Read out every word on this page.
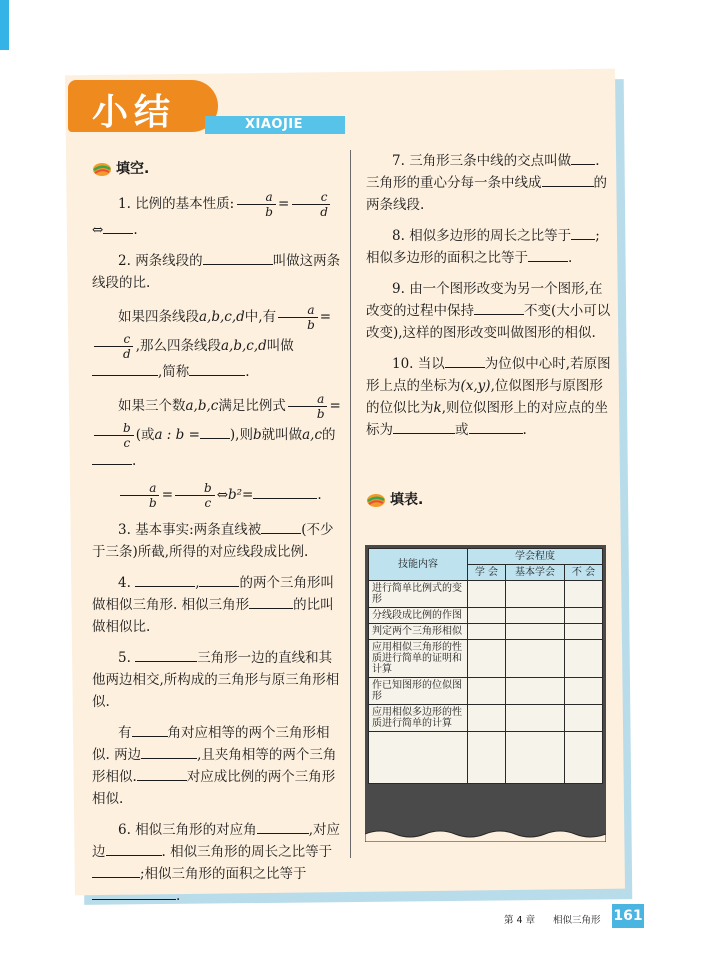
小结	XIAOJIE

填空.

1. 比例的基本性质: $\frac{a}{b} = \frac{c}{d}$
⇔ .

2. 两条线段的	叫做这两条线段的比.

如果四条线段a,b,c,d中,有 $\frac{a}{b}$ =
$\frac{c}{d}$ ,那么四条线段a,b,c,d叫做,简称	.

如果三个数a,b,c满足比例式 $\frac{a}{b}$ =
$\frac{b}{c}$ (或a : b = ),则b就叫做a,c的.

$\frac{a}{b} = \frac{b}{c}$ ⇔b²=	.

3. 基本事实:两条直线被	(不少于三条)所截,所得的对应线段成比例.

4.	,	的两个三角形叫做相似三角形. 相似三角形	的比叫做相似比.

5.	三角形一边的直线和其他两边相交,所构成的三角形与原三角形相似.

有	角对应相等的两个三角形相似. 两边	,且夹角相等的两个三角形相似.	对应成比例的两个三角形相似.

6. 相似三角形的对应角	,对应边	. 相似三角形的周长之比等于;相似三角形的面积之比等于.

7. 三角形三条中线的交点叫做 .三角形的重心分每一条中线成	的两条线段.

8. 相似多边形的周长之比等于 ;相似多边形的面积之比等于	.

9. 由一个图形改变为另一个图形,在改变的过程中保持	不变(大小可以改变),这样的图形改变叫做图形的相似.

10. 当以	为位似中心时,若原图形上点的坐标为(x,y),位似图形与原图形的位似比为k,则位似图形上的对应点的坐标为	或	.

填表.

技能内容	学会程度		
	学 会	基本学会	不 会
进行简单比例式的变形			
分线段成比例的作图			
判定两个三角形相似			
应用相似三角形的性质进行简单的证明和计算			
作已知图形的位似图形			
应用相似多边形的性质进行简单的计算			

第 4 章 相似三角形 161
